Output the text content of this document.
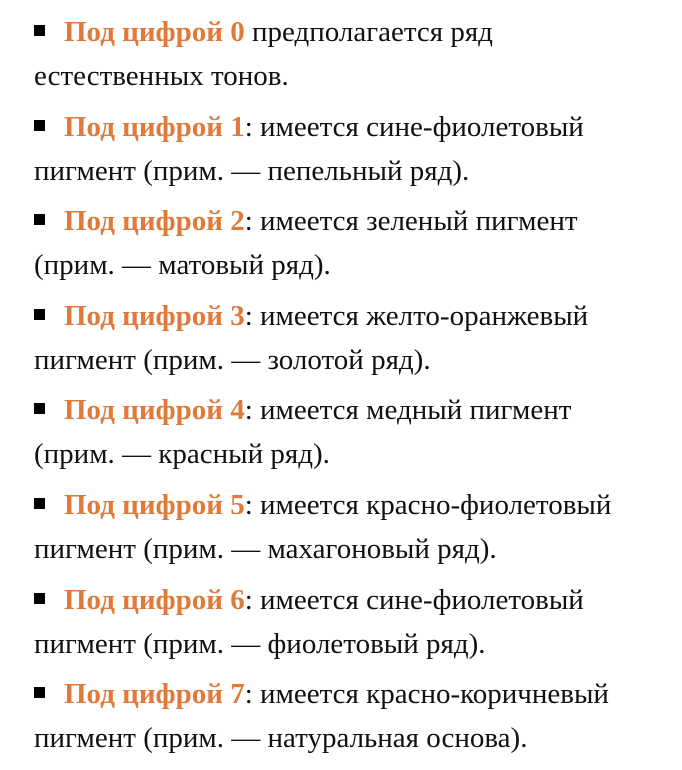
Под цифрой 0 предполагается ряд
естественных тонов.
Под цифрой 1: имеется сине-фиолетовый
пигмент (прим. — пепельный ряд).
Под цифрой 2: имеется зеленый пигмент
(прим. — матовый ряд).
Под цифрой 3: имеется желто-оранжевый
пигмент (прим. — золотой ряд).
Под цифрой 4: имеется медный пигмент
(прим. — красный ряд).
Под цифрой 5: имеется красно-фиолетовый
пигмент (прим. — махагоновый ряд).
Под цифрой 6: имеется сине-фиолетовый
пигмент (прим. — фиолетовый ряд).
Под цифрой 7: имеется красно-коричневый
пигмент (прим. — натуральная основа).
